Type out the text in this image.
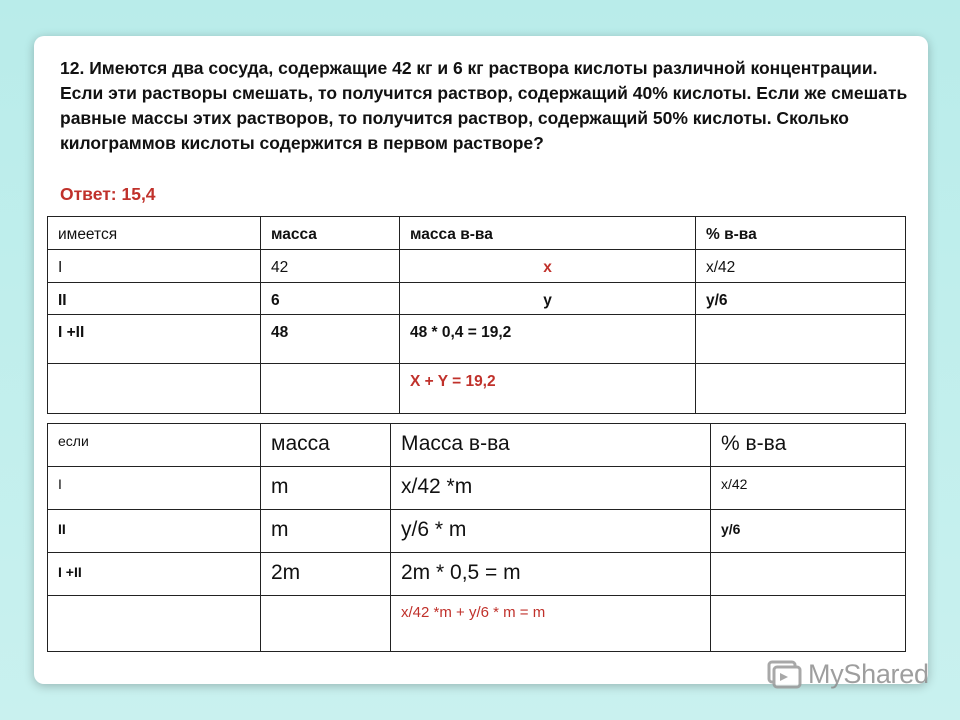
12. Имеются два сосуда, содержащие 42 кг и 6 кг раствора кислоты различной концентрации. Если эти растворы смешать, то получится раствор, содержащий 40% кислоты. Если же смешать равные массы этих растворов, то получится раствор, содержащий 50% кислоты. Сколько килограммов кислоты содержится в первом растворе?
Ответ: 15,4
имеется	масса	масса в-ва	% в-ва
I	42	x	x/42
II	6	y	y/6
I +II	48	48 * 0,4 = 19,2	
		X + Y = 19,2	
если	масса	Масса в-ва	% в-ва
I	m	x/42 *m	x/42
II	m	y/6 * m	y/6
I +II	2m	2m * 0,5 = m	
		x/42 *m + y/6 * m = m	
MyShared
